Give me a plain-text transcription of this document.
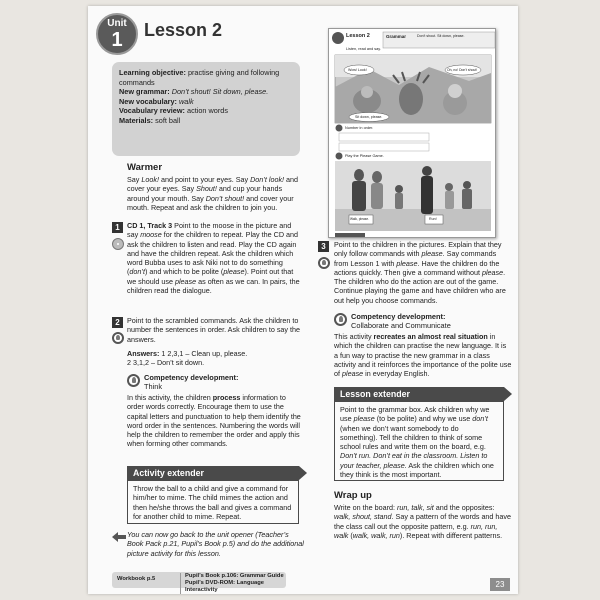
Unit
1	Lesson 2
Learning objective: practise giving and following commands
New grammar: Don’t shout! Sit down, please.
New vocabulary: walk
Vocabulary review: action words
Materials: soft ball
Warmer
Say Look! and point to your eyes. Say Don’t look! and cover your eyes. Say Shout! and cup your hands around your mouth. Say Don’t shout! and cover your mouth. Repeat and ask the children to join you.
1	CD 1, Track 3 Point to the moose in the picture and say moose for the children to repeat. Play the CD and ask the children to listen and read. Play the CD again and have the children repeat. Ask the children which word Bubba uses to ask Niki not to do something (don’t) and which to be polite (please). Point out that we should use please as often as we can. In pairs, the children read the dialogue.
2	Point to the scrambled commands. Ask the children to number the sentences in order. Ask children to say the answers.
Answers: 1 2,3,1 – Clean up, please.
2 3,1,2 – Don’t sit down.
Competency development:
Think
In this activity, the children process information to order words correctly. Encourage them to use the capital letters and punctuation to help them identify the word order in the sentences. Numbering the words will help the children to remember the order and apply this when forming other commands.
Activity extender
Throw the ball to a child and give a command for him/her to mime. The child mimes the action and then he/she throws the ball and gives a command for another child to mime. Repeat.
You can now go back to the unit opener (Teacher’s Book Pack p.21, Pupil’s Book p.5) and do the additional picture activity for this lesson.
Workbook p.5	Pupil’s Book p.106: Grammar Guide
Pupil’s DVD-ROM: Language Interactivity
Lesson 2	Grammar	Don’t shout. Sit down, please.
Listen, read and say.
Wow! Look!	Oh, no! Don’t shout!
Sit down, please.
Number in order.
Play the Please Game.
Walk, please.	Run!
3	Point to the children in the pictures. Explain that they only follow commands with please. Say commands from Lesson 1 with please. Have the children do the actions quickly. Then give a command without please. The children who do the action are out of the game. Continue playing the game and have children who are out help you choose commands.
Competency development:
Collaborate and Communicate
This activity recreates an almost real situation in which the children can practise the new language. It is a fun way to practise the new grammar in a class activity and it reinforces the importance of the polite use of please in everyday English.
Lesson extender
Point to the grammar box. Ask children why we use please (to be polite) and why we use don’t (when we don’t want somebody to do something). Tell the children to think of some school rules and write them on the board, e.g. Don’t run. Don’t eat in the classroom. Listen to your teacher, please. Ask the children which one they think is the most important.
Wrap up
Write on the board: run, talk, sit and the opposites: walk, shout, stand. Say a pattern of the words and have the class call out the opposite pattern, e.g. run, run, walk (walk, walk, run). Repeat with different patterns.
23
